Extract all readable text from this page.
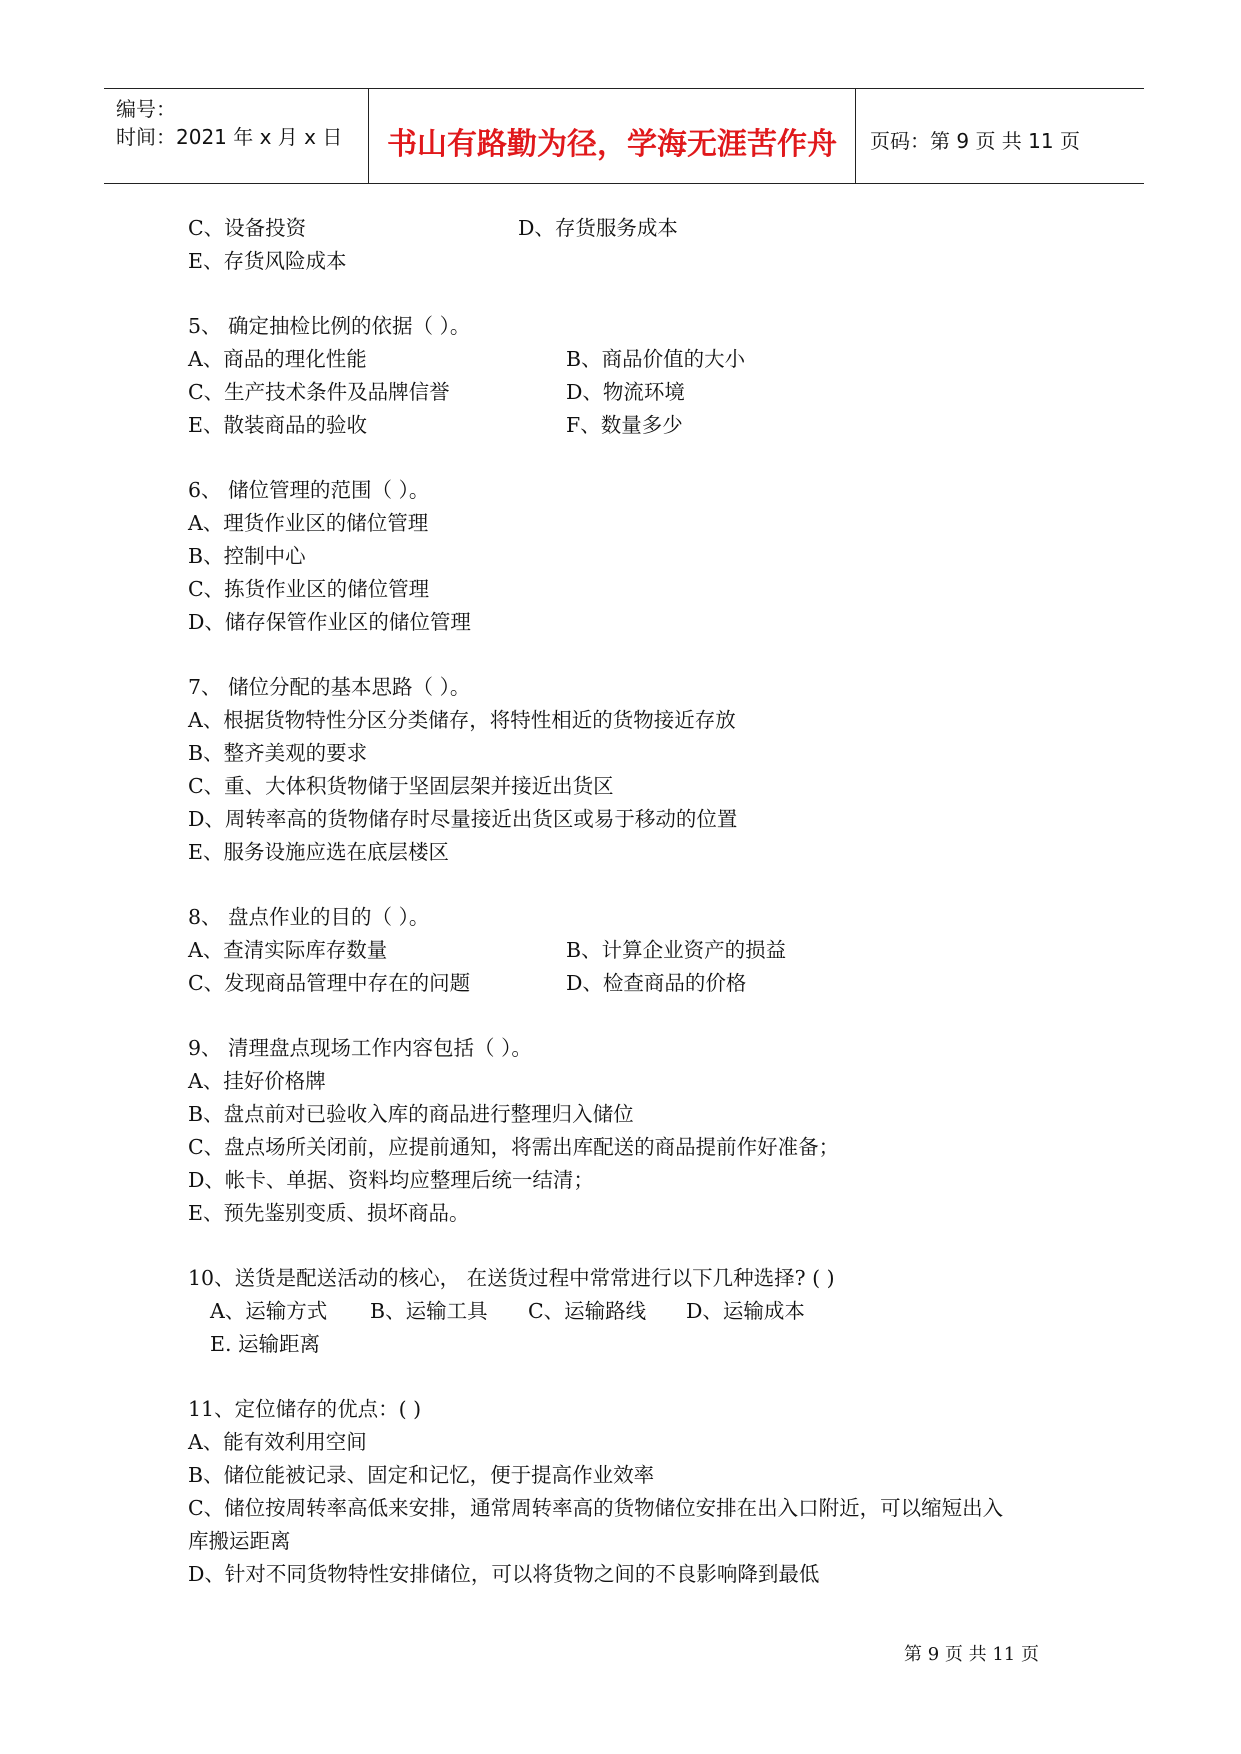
编号：
时间：2021 年 x 月 x 日	书山有路勤为径，学海无涯苦作舟	页码：第 9 页 共 11 页
C、设备投资	D、存货服务成本
E、存货风险成本
5、 确定抽检比例的依据（ ）。
A、商品的理化性能	B、商品价值的大小
C、生产技术条件及品牌信誉	D、物流环境
E、散装商品的验收	F、数量多少
6、 储位管理的范围（ ）。
A、理货作业区的储位管理
B、控制中心
C、拣货作业区的储位管理
D、储存保管作业区的储位管理
7、 储位分配的基本思路（ ）。
A、根据货物特性分区分类储存，将特性相近的货物接近存放
B、整齐美观的要求
C、重、大体积货物储于坚固层架并接近出货区
D、周转率高的货物储存时尽量接近出货区或易于移动的位置
E、服务设施应选在底层楼区
8、 盘点作业的目的（ ）。
A、查清实际库存数量	B、计算企业资产的损益
C、发现商品管理中存在的问题	D、检查商品的价格
9、 清理盘点现场工作内容包括（ ）。
A、挂好价格牌
B、盘点前对已验收入库的商品进行整理归入储位
C、盘点场所关闭前，应提前通知，将需出库配送的商品提前作好准备；
D、帐卡、单据、资料均应整理后统一结清；
E、预先鉴别变质、损坏商品。
10、送货是配送活动的核心， 在送货过程中常常进行以下几种选择? ( )
A、运输方式 B、运输工具 C、运输路线 D、运输成本
E. 运输距离
11、定位储存的优点：( )
A、能有效利用空间
B、储位能被记录、固定和记忆，便于提高作业效率
C、储位按周转率高低来安排，通常周转率高的货物储位安排在出入口附近，可以缩短出入
库搬运距离
D、针对不同货物特性安排储位，可以将货物之间的不良影响降到最低
第 9 页 共 11 页
